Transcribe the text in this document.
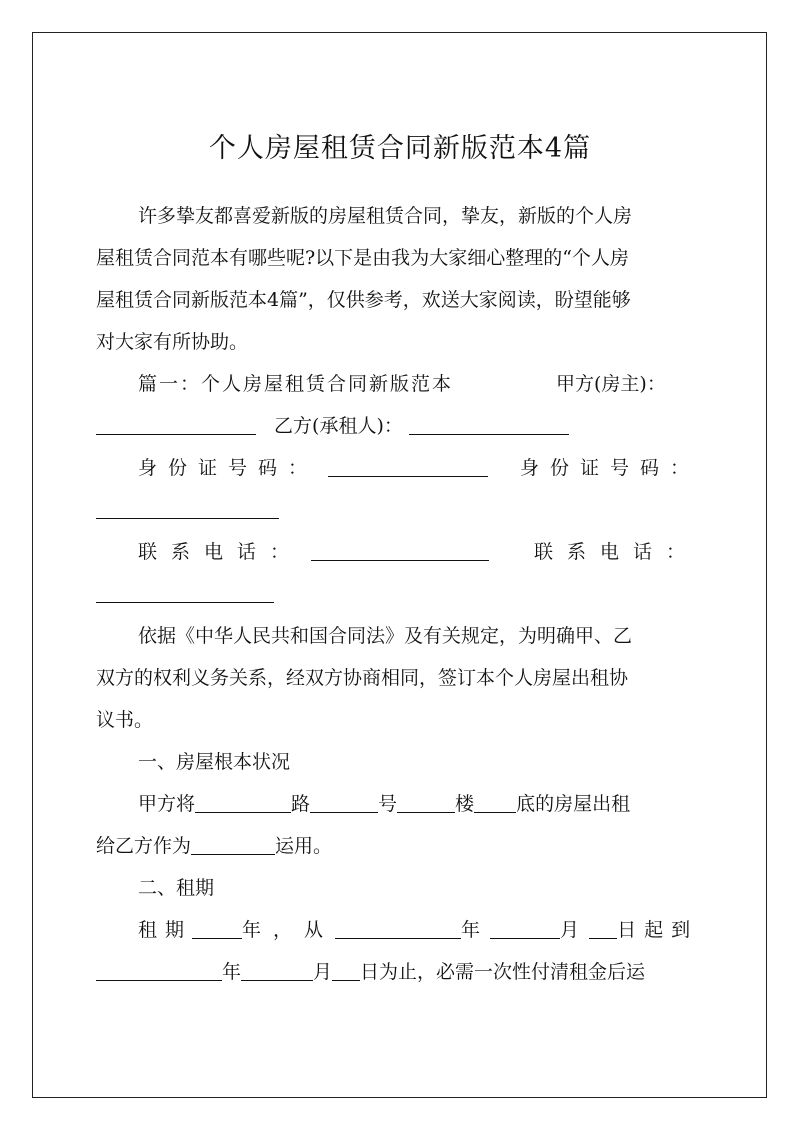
个人房屋租赁合同新版范本4篇
许多挚友都喜爱新版的房屋租赁合同，挚友，新版的个人房
屋租赁合同范本有哪些呢?以下是由我为大家细心整理的“个人房
屋租赁合同新版范本4篇”，仅供参考，欢送大家阅读，盼望能够
对大家有所协助。
篇一：个人房屋租赁合同新版范本	甲方(房主)：
乙方(承租人)：
身份证号码：	身份证号码：
联系电话：	联系电话：
依据《中华人民共和国合同法》及有关规定，为明确甲、乙
双方的权利义务关系，经双方协商相同，签订本个人房屋出租协
议书。
一、房屋根本状况
甲方将	路	号	楼 底的房屋出租
给乙方作为	运用。
二、租期
租期	年，从	年	月 日起到
年	月 日为止，必需一次性付清租金后运
